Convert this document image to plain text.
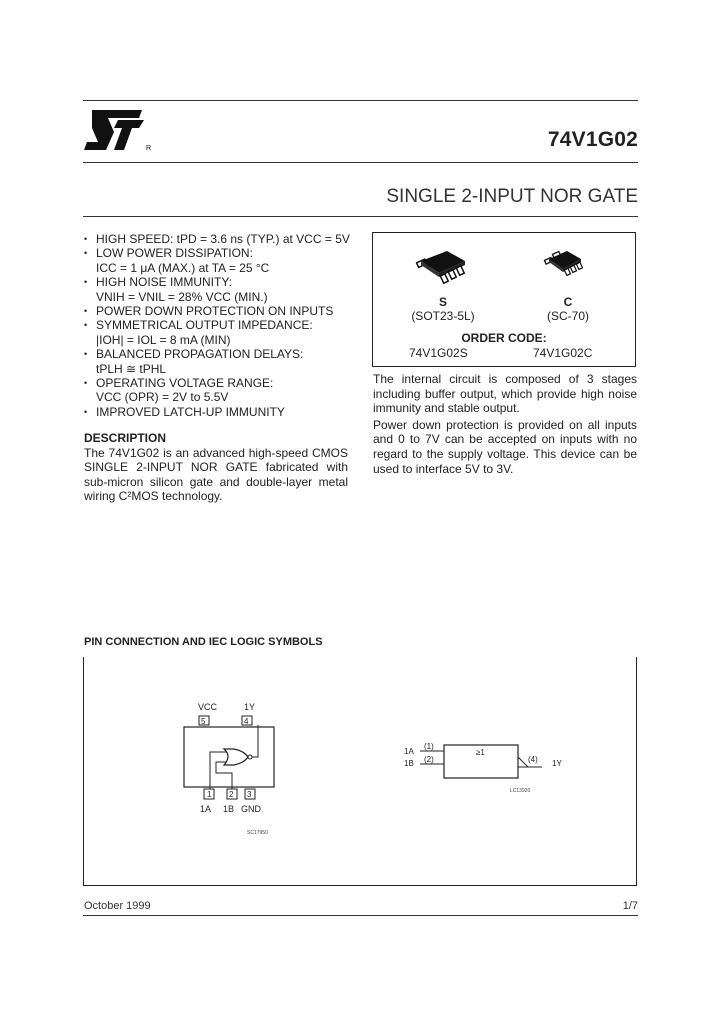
R	74V1G02
SINGLE 2-INPUT NOR GATE
• HIGH SPEED: tPD = 3.6 ns (TYP.) at VCC = 5V
• LOW POWER DISSIPATION:
ICC = 1 μA (MAX.) at TA = 25 °C
• HIGH NOISE IMMUNITY:
VNIH = VNIL = 28% VCC (MIN.)
• POWER DOWN PROTECTION ON INPUTS
• SYMMETRICAL OUTPUT IMPEDANCE:
|IOH| = IOL = 8 mA (MIN)
• BALANCED PROPAGATION DELAYS:
tPLH ≅ tPHL
• OPERATING VOLTAGE RANGE:
VCC (OPR) = 2V to 5.5V
• IMPROVED LATCH-UP IMMUNITY
DESCRIPTION
The 74V1G02 is an advanced high-speed CMOS SINGLE 2-INPUT NOR GATE fabricated with sub-micron silicon gate and double-layer metal wiring C²MOS technology.
S
(SOT23-5L)
C
(SC-70)
ORDER CODE:
74V1G02S	74V1G02C

The internal circuit is composed of 3 stages including buffer output, which provide high noise immunity and stable output.

Power down protection is provided on all inputs and 0 to 7V can be accepted on inputs with no regard to the supply voltage. This device can be used to interface 5V to 3V.

PIN CONNECTION AND IEC LOGIC SYMBOLS
VCC	1Y
5	4
1 2 3
1A 1B GND
SC17950
1A
1B
(1)
(2)
≥1
(4) 1Y
LC13920
October 1999	1/7
